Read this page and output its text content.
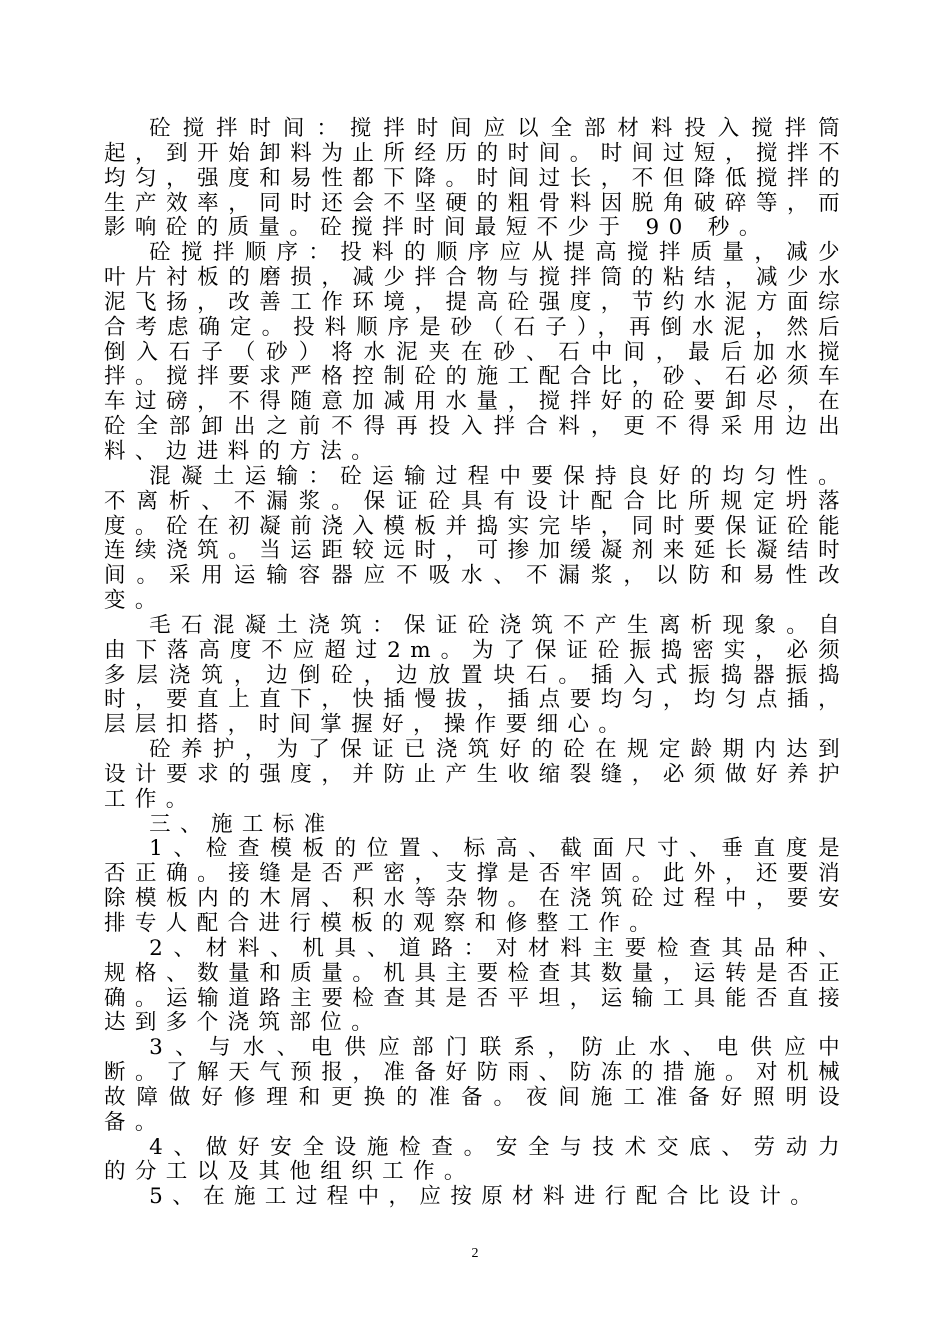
砼搅拌时间：搅拌时间应以全部材料投入搅拌筒起，到开始卸料为止所经历的时间。时间过短，搅拌不均匀，强度和易性都下降。时间过长，不但降低搅拌的生产效率，同时还会不坚硬的粗骨料因脱角破碎等，而影响砼的质量。砼搅拌时间最短不少于 90 秒。

砼搅拌顺序：投料的顺序应从提高搅拌质量，减少叶片衬板的磨损，减少拌合物与搅拌筒的粘结，减少水泥飞扬，改善工作环境，提高砼强度，节约水泥方面综合考虑确定。投料顺序是砂（石子），再倒水泥，然后倒入石子（砂）将水泥夹在砂、石中间，最后加水搅拌。搅拌要求严格控制砼的施工配合比，砂、石必须车车过磅，不得随意加减用水量，搅拌好的砼要卸尽，在砼全部卸出之前不得再投入拌合料，更不得采用边出料、边进料的方法。

混凝土运输：砼运输过程中要保持良好的均匀性。不离析、不漏浆。保证砼具有设计配合比所规定坍落度。砼在初凝前浇入模板并捣实完毕，同时要保证砼能连续浇筑。当运距较远时，可掺加缓凝剂来延长凝结时间。采用运输容器应不吸水、不漏浆，以防和易性改变。

毛石混凝土浇筑：保证砼浇筑不产生离析现象。自由下落高度不应超过2m。为了保证砼振捣密实，必须多层浇筑，边倒砼，边放置块石。插入式振捣器振捣时，要直上直下，快插慢拔，插点要均匀，均匀点插，层层扣搭，时间掌握好，操作要细心。

砼养护，为了保证已浇筑好的砼在规定龄期内达到设计要求的强度，并防止产生收缩裂缝，必须做好养护工作。

三、施工标准

1、检查模板的位置、标高、截面尺寸、垂直度是否正确。接缝是否严密，支撑是否牢固。此外，还要消除模板内的木屑、积水等杂物。在浇筑砼过程中，要安排专人配合进行模板的观察和修整工作。

2、材料、机具、道路：对材料主要检查其品种、规格、数量和质量。机具主要检查其数量，运转是否正确。运输道路主要检查其是否平坦，运输工具能否直接达到多个浇筑部位。

3、与水、电供应部门联系，防止水、电供应中断。了解天气预报，准备好防雨、防冻的措施。对机械故障做好修理和更换的准备。夜间施工准备好照明设备。

4、做好安全设施检查。安全与技术交底、劳动力的分工以及其他组织工作。

5、在施工过程中，应按原材料进行配合比设计。

2
